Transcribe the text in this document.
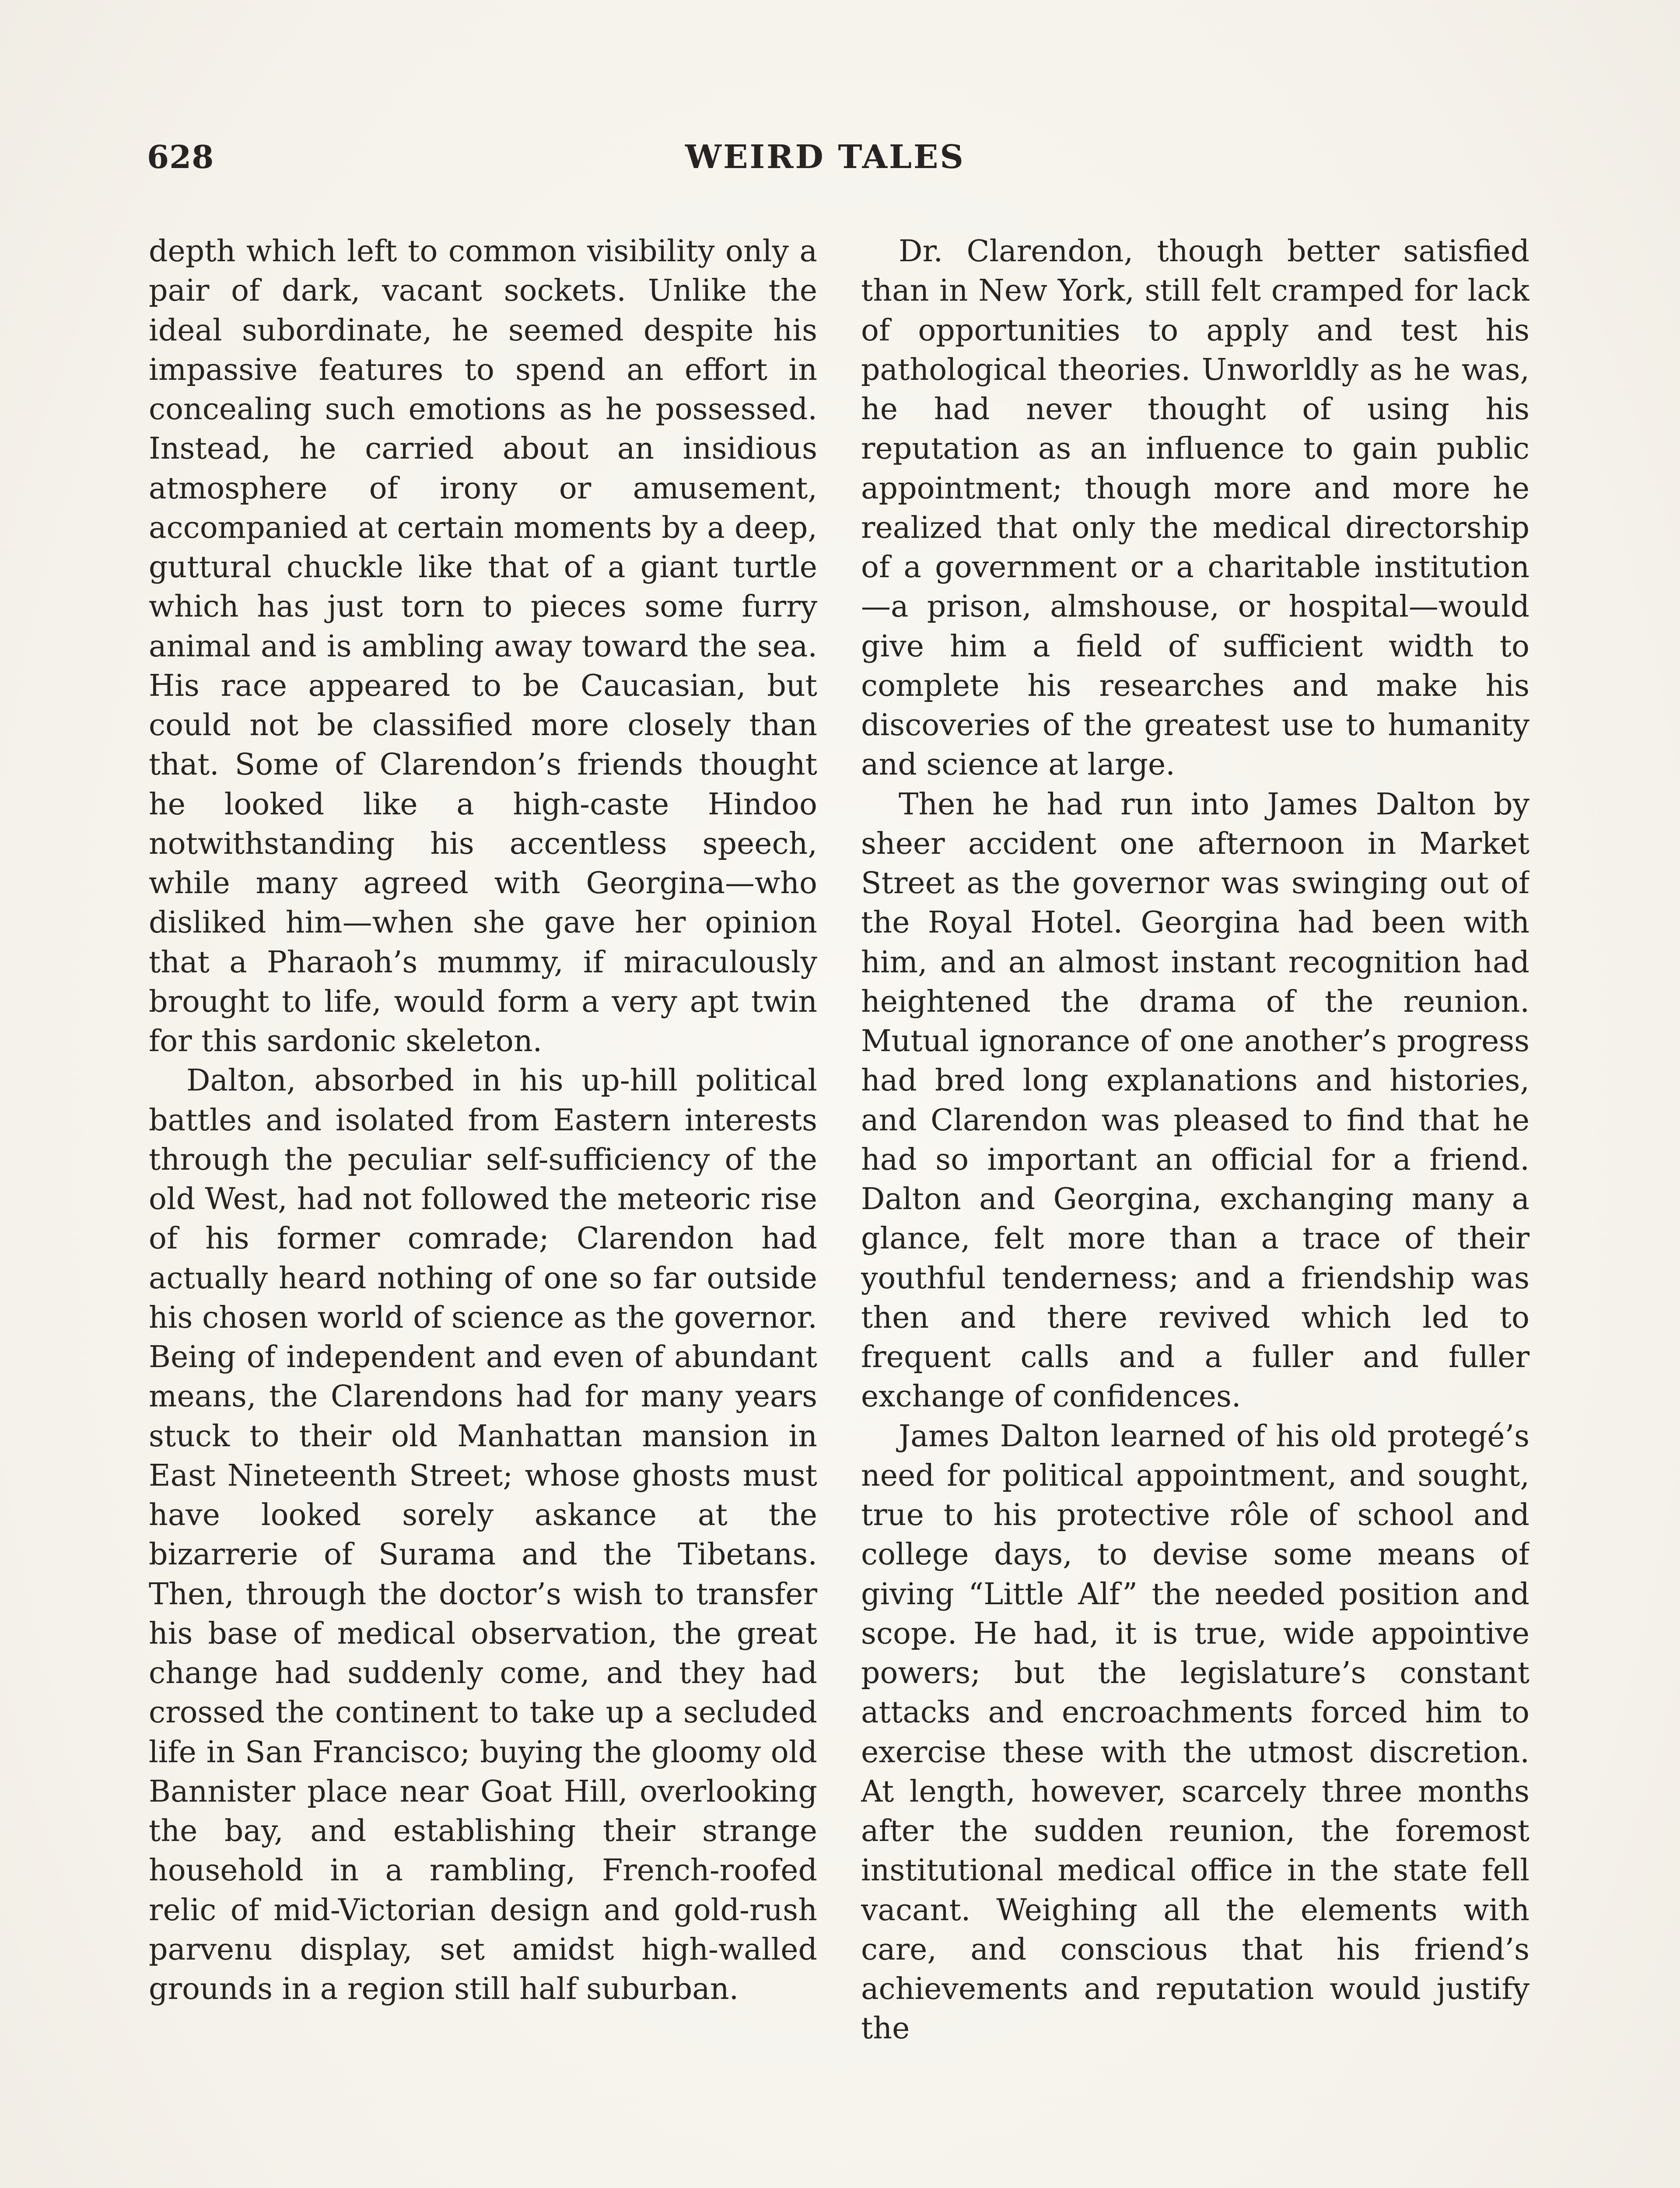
628	WEIRD TALES

depth which left to common visibility only a pair of dark, vacant sockets. Unlike the ideal subordinate, he seemed despite his impassive features to spend an effort in concealing such emotions as he possessed. Instead, he carried about an insidious atmosphere of irony or amusement, accompanied at certain moments by a deep, guttural chuckle like that of a giant turtle which has just torn to pieces some furry animal and is ambling away toward the sea. His race appeared to be Caucasian, but could not be classified more closely than that. Some of Clarendon’s friends thought he looked like a high-caste Hindoo notwithstanding his accentless speech, while many agreed with Georgina—who disliked him—when she gave her opinion that a Pharaoh’s mummy, if miraculously brought to life, would form a very apt twin for this sardonic skeleton.

Dalton, absorbed in his up-hill political battles and isolated from Eastern interests through the peculiar self-sufficiency of the old West, had not followed the meteoric rise of his former comrade; Clarendon had actually heard nothing of one so far outside his chosen world of science as the governor. Being of independent and even of abundant means, the Clarendons had for many years stuck to their old Manhattan mansion in East Nineteenth Street; whose ghosts must have looked sorely askance at the bizarrerie of Surama and the Tibetans. Then, through the doctor’s wish to transfer his base of medical observation, the great change had suddenly come, and they had crossed the continent to take up a secluded life in San Francisco; buying the gloomy old Bannister place near Goat Hill, overlooking the bay, and establishing their strange household in a rambling, French-roofed relic of mid-Victorian design and gold-rush parvenu display, set amidst high-walled grounds in a region still half suburban.

Dr. Clarendon, though better satisfied than in New York, still felt cramped for lack of opportunities to apply and test his pathological theories. Unworldly as he was, he had never thought of using his reputation as an influence to gain public appointment; though more and more he realized that only the medical directorship of a government or a charitable institution—a prison, almshouse, or hospital—would give him a field of sufficient width to complete his researches and make his discoveries of the greatest use to humanity and science at large.

Then he had run into James Dalton by sheer accident one afternoon in Market Street as the governor was swinging out of the Royal Hotel. Georgina had been with him, and an almost instant recognition had heightened the drama of the reunion. Mutual ignorance of one another’s progress had bred long explanations and histories, and Clarendon was pleased to find that he had so important an official for a friend. Dalton and Georgina, exchanging many a glance, felt more than a trace of their youthful tenderness; and a friendship was then and there revived which led to frequent calls and a fuller and fuller exchange of confidences.

James Dalton learned of his old protegé’s need for political appointment, and sought, true to his protective rôle of school and college days, to devise some means of giving “Little Alf” the needed position and scope. He had, it is true, wide appointive powers; but the legislature’s constant attacks and encroachments forced him to exercise these with the utmost discretion. At length, however, scarcely three months after the sudden reunion, the foremost institutional medical office in the state fell vacant. Weighing all the elements with care, and conscious that his friend’s achievements and reputation would justify the
